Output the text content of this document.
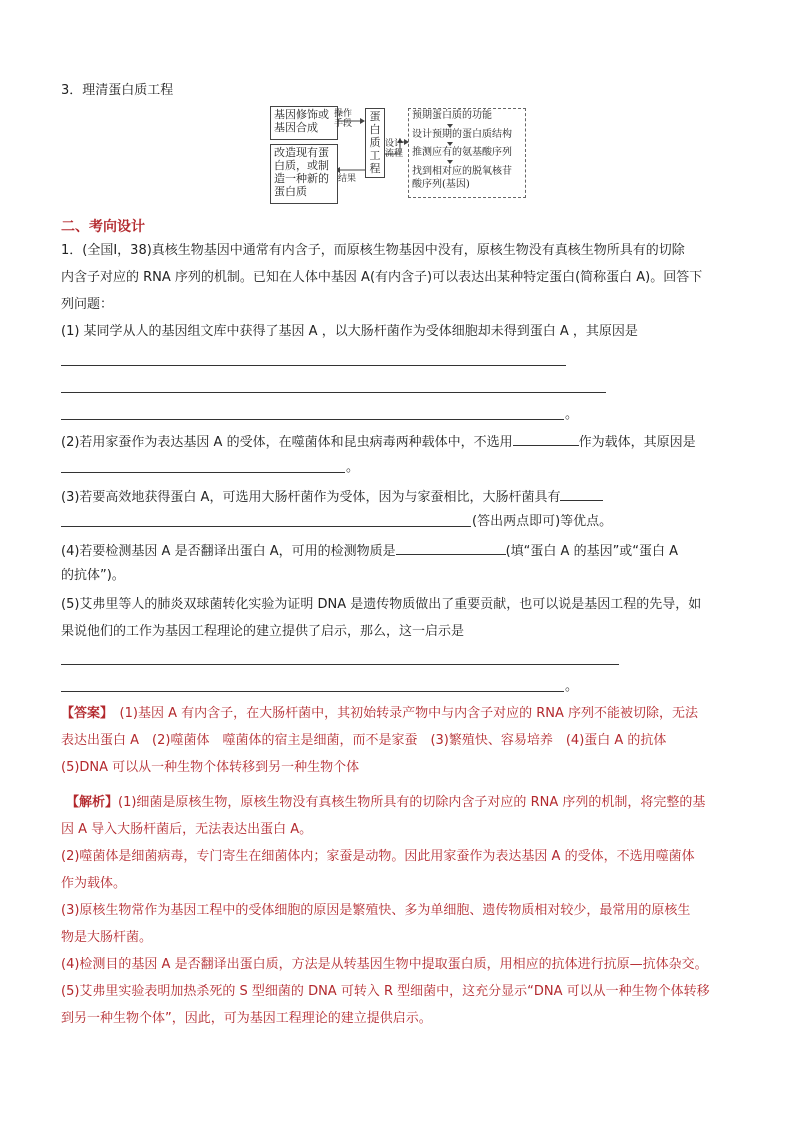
3．理清蛋白质工程
基因修饰或
基因合成
改造现有蛋
白质，或制
造一种新的
蛋白质
操作
手段
结果
蛋
白
质
工
程
设计
流程
预期蛋白质的功能
设计预期的蛋白质结构
推测应有的氨基酸序列
找到相对应的脱氧核苷
酸序列(基因)
二、考向设计
1．(全国Ⅰ，38)真核生物基因中通常有内含子，而原核生物基因中没有，原核生物没有真核生物所具有的切除
内含子对应的 RNA 序列的机制。已知在人体中基因 A(有内含子)可以表达出某种特定蛋白(简称蛋白 A)。回答下
列问题：
(1) 某同学从人的基因组文库中获得了基因 A ，以大肠杆菌作为受体细胞却未得到蛋白 A ，其原因是
。
(2)若用家蚕作为表达基因 A 的受体，在噬菌体和昆虫病毒两种载体中，不选用	作为载体，其原因是
。
(3)若要高效地获得蛋白 A，可选用大肠杆菌作为受体，因为与家蚕相比，大肠杆菌具有
(答出两点即可)等优点。
(4)若要检测基因 A 是否翻译出蛋白 A，可用的检测物质是	(填“蛋白 A 的基因”或“蛋白 A
的抗体”)。
(5)艾弗里等人的肺炎双球菌转化实验为证明 DNA 是遗传物质做出了重要贡献，也可以说是基因工程的先导，如
果说他们的工作为基因工程理论的建立提供了启示，那么，这一启示是
。
【答案】　 (1)基因 A 有内含子，在大肠杆菌中，其初始转录产物中与内含子对应的 RNA 序列不能被切除，无法
表达出蛋白 A　(2)噬菌体　噬菌体的宿主是细菌，而不是家蚕　(3)繁殖快、容易培养　(4)蛋白 A 的抗体
(5)DNA 可以从一种生物个体转移到另一种生物个体
【解析】(1)细菌是原核生物，原核生物没有真核生物所具有的切除内含子对应的 RNA 序列的机制，将完整的基
因 A 导入大肠杆菌后，无法表达出蛋白 A。
(2)噬菌体是细菌病毒，专门寄生在细菌体内；家蚕是动物。因此用家蚕作为表达基因 A 的受体，不选用噬菌体
作为载体。
(3)原核生物常作为基因工程中的受体细胞的原因是繁殖快、多为单细胞、遗传物质相对较少，最常用的原核生
物是大肠杆菌。
(4)检测目的基因 A 是否翻译出蛋白质，方法是从转基因生物中提取蛋白质，用相应的抗体进行抗原—抗体杂交。
(5)艾弗里实验表明加热杀死的 S 型细菌的 DNA 可转入 R 型细菌中，这充分显示“DNA 可以从一种生物个体转移
到另一种生物个体”，因此，可为基因工程理论的建立提供启示。
